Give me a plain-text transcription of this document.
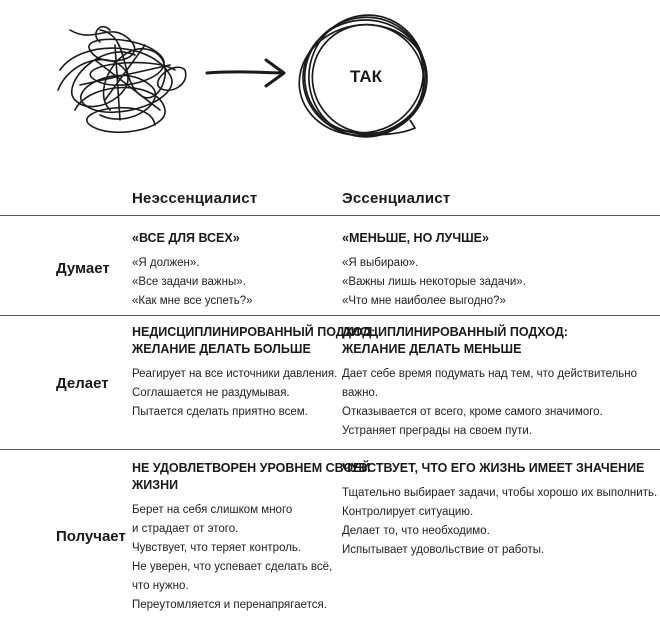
ТАК
Неэссенциалист	Эссенциалист
Думает
«ВСЕ ДЛЯ ВСЕХ»
«Я должен».
«Все задачи важны».
«Как мне все успеть?»
«МЕНЬШЕ, НО ЛУЧШЕ»
«Я выбираю».
«Важны лишь некоторые задачи».
«Что мне наиболее выгодно?»
Делает
НЕДИСЦИПЛИНИРОВАННЫЙ ПОДХОД:
ЖЕЛАНИЕ ДЕЛАТЬ БОЛЬШЕ
Реагирует на все источники давления.
Соглашается не раздумывая.
Пытается сделать приятно всем.
ДИСЦИПЛИНИРОВАННЫЙ ПОДХОД:
ЖЕЛАНИЕ ДЕЛАТЬ МЕНЬШЕ
Дает себе время подумать над тем, что действительно
важно.
Отказывается от всего, кроме самого значимого.
Устраняет преграды на своем пути.
Получает
НЕ УДОВЛЕТВОРЕН УРОВНЕМ СВОЕЙ
ЖИЗНИ
Берет на себя слишком много
и страдает от этого.
Чувствует, что теряет контроль.
Не уверен, что успевает сделать всё,
что нужно.
Переутомляется и перенапрягается.
ЧУВСТВУЕТ, ЧТО ЕГО ЖИЗНЬ ИМЕЕТ ЗНАЧЕНИЕ
Тщательно выбирает задачи, чтобы хорошо их выполнить.
Контролирует ситуацию.
Делает то, что необходимо.
Испытывает удовольствие от работы.
